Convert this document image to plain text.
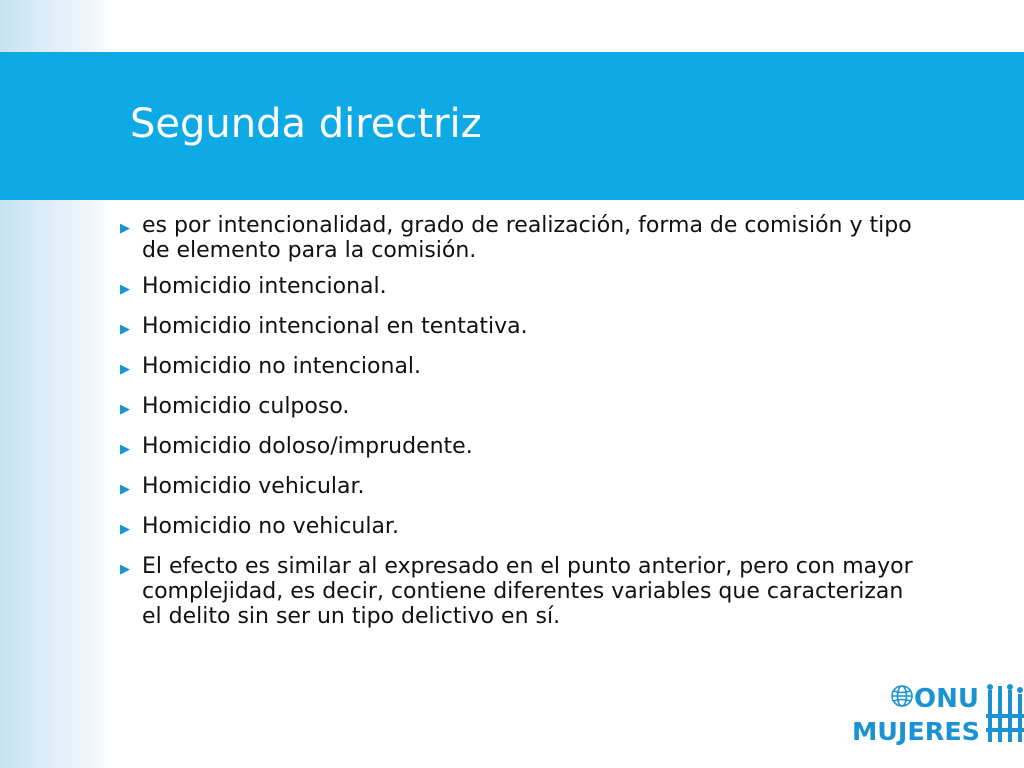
Segunda directriz
▶ es por intencionalidad, grado de realización, forma de comisión y tipo de elemento para la comisión.
▶ Homicidio intencional.
▶ Homicidio intencional en tentativa.
▶ Homicidio no intencional.
▶ Homicidio culposo.
▶ Homicidio doloso/imprudente.
▶ Homicidio vehicular.
▶ Homicidio no vehicular.
▶ El efecto es similar al expresado en el punto anterior, pero con mayor complejidad, es decir, contiene diferentes variables que caracterizan el delito sin ser un tipo delictivo en sí.
ONU
MUJERES
